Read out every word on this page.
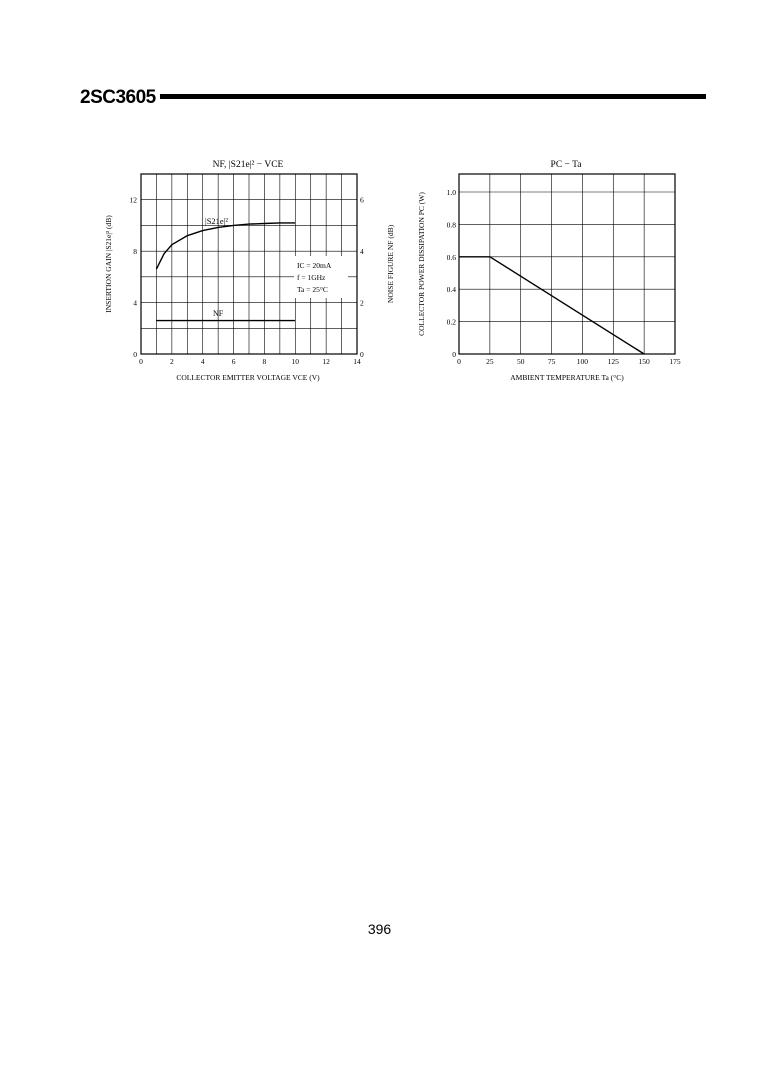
2SC3605
NF, |S21e|² − VCE
0	2	4	6	8	10	12	14
0
4
8
12
0
2
4
6
|S21e|²
NF
IC = 20mA
f = 1GHz
Ta = 25°C
COLLECTOR EMITTER VOLTAGE VCE (V)
INSERTION GAIN |S21e|² (dB)	NOISE FIGURE NF (dB)
PC − Ta
0	25	50	75	100	125	150	175
0
0.2
0.4
0.6
0.8
1.0
AMBIENT TEMPERATURE Ta (°C)
COLLECTOR POWER DISSIPATION PC (W)
396
